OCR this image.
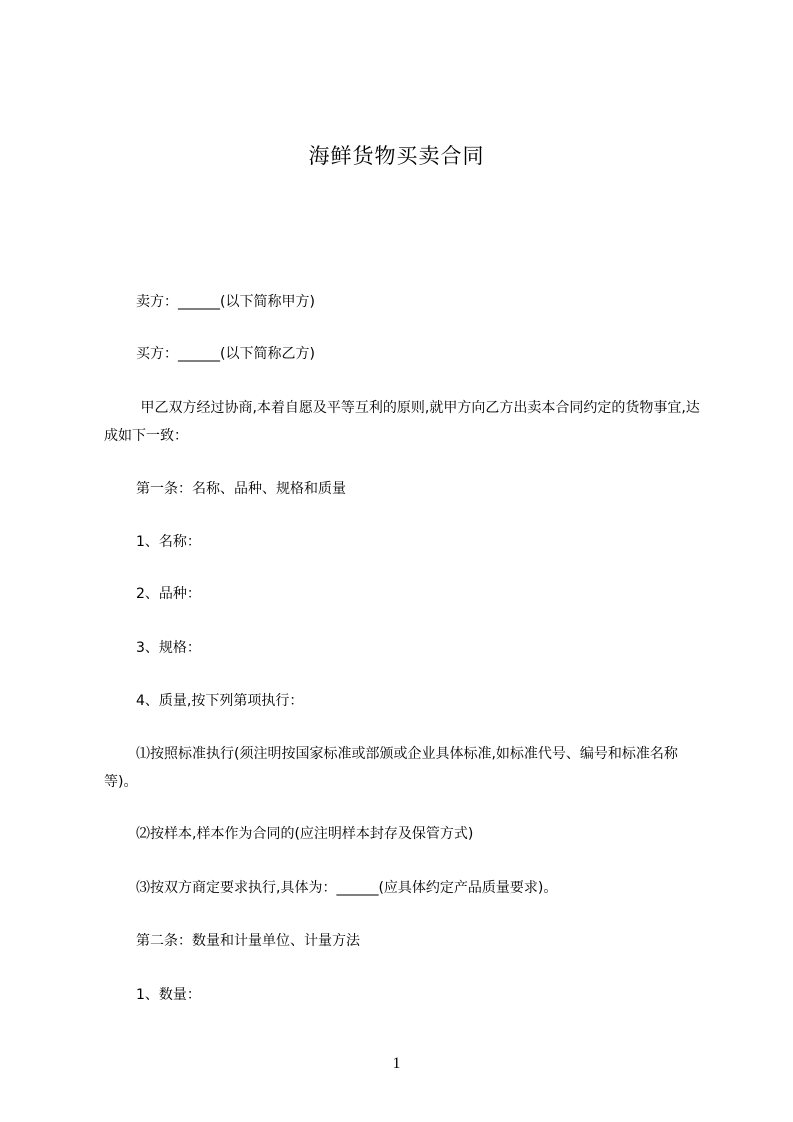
海鲜货物买卖合同

卖方：______(以下简称甲方)

买方：______(以下简称乙方)

甲乙双方经过协商,本着自愿及平等互利的原则,就甲方向乙方出卖本合同约定的货物事宜,达成如下一致：

第一条：名称、品种、规格和质量

1、名称：

2、品种：

3、规格：

4、质量,按下列第项执行：

⑴按照标准执行(须注明按国家标准或部颁或企业具体标准,如标准代号、编号和标准名称等)。

⑵按样本,样本作为合同的(应注明样本封存及保管方式)

⑶按双方商定要求执行,具体为：______(应具体约定产品质量要求)。

第二条：数量和计量单位、计量方法

1、数量：

1
